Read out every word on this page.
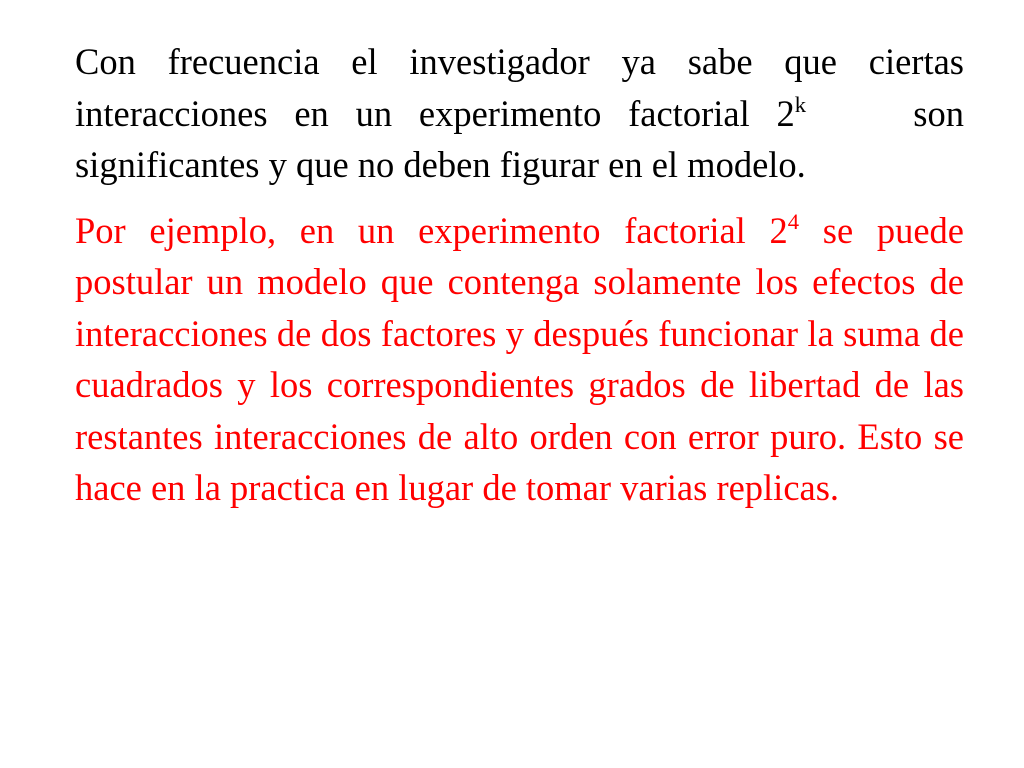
Con frecuencia el investigador ya sabe que ciertas interacciones en un experimento factorial 2$^k$	son significantes y que no deben figurar en el modelo.

Por ejemplo, en un experimento factorial $2^4$ se puede postular un modelo que contenga solamente los efectos de interacciones de dos factores y después funcionar la suma de cuadrados y los correspondientes grados de libertad de las restantes interacciones de alto orden con error puro. Esto se hace en la practica en lugar de tomar varias replicas.
